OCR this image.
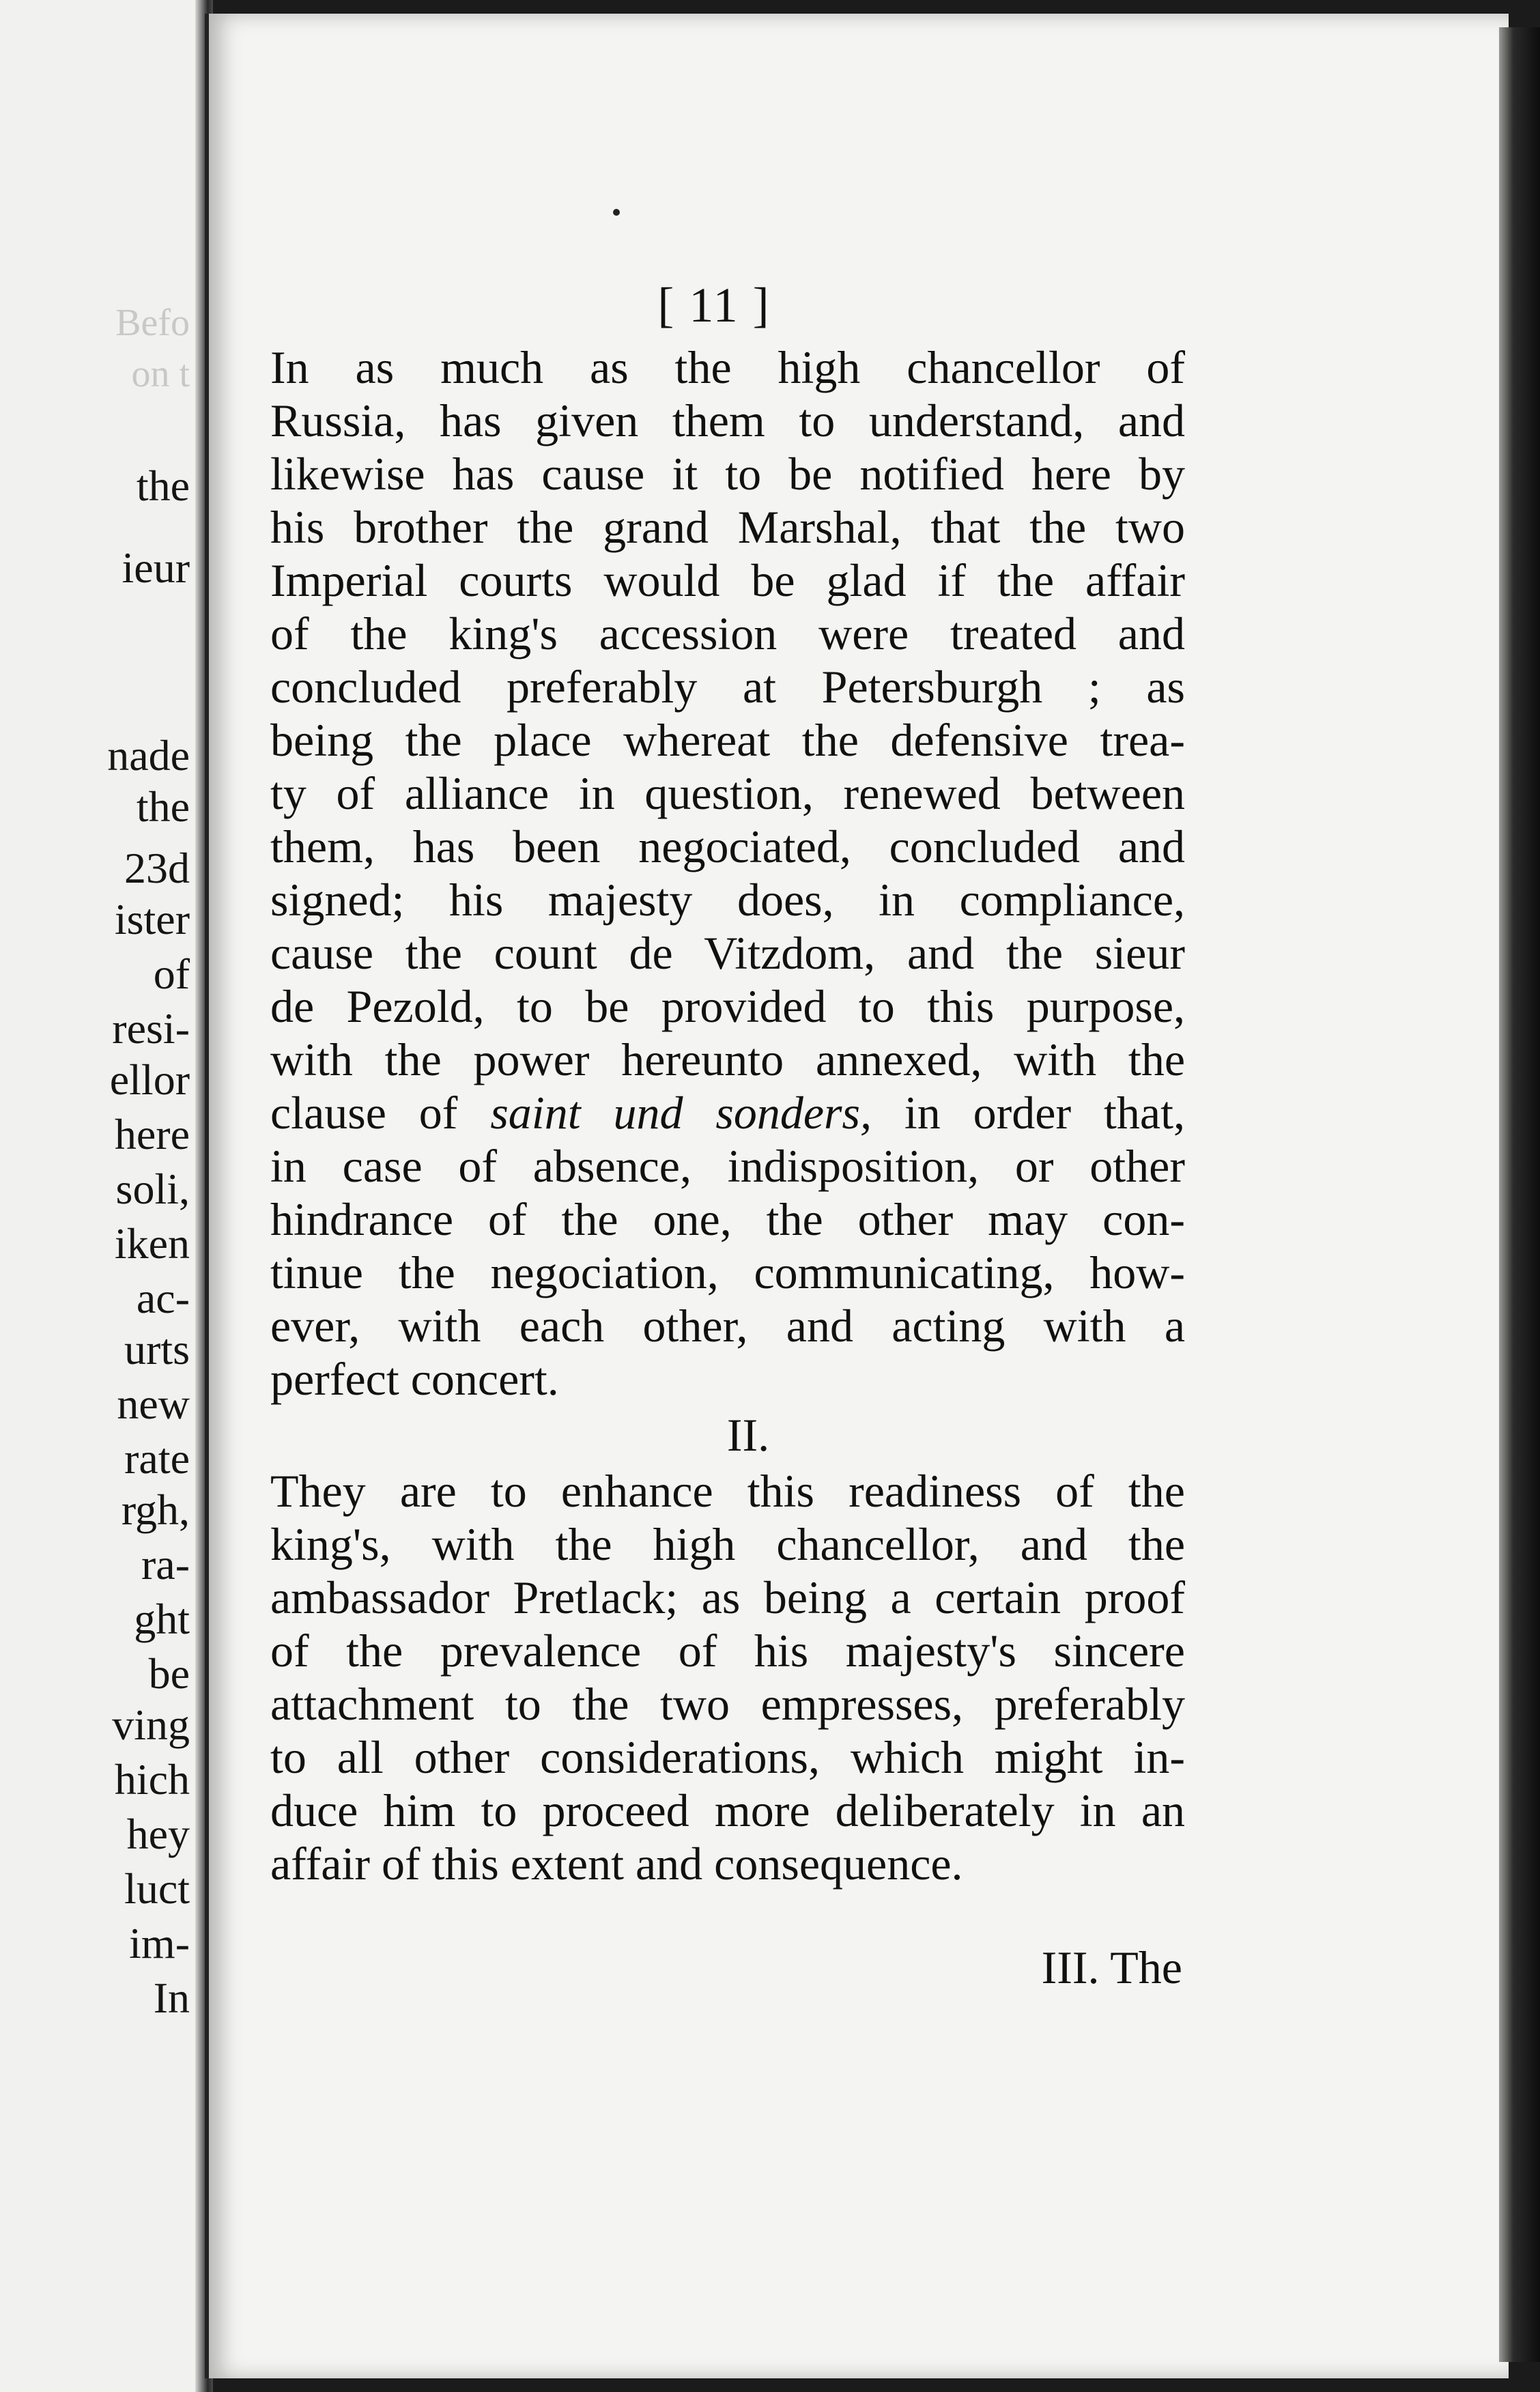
Befo
on t
the
ieur
nade
the
23d
ister
of
resi-
ellor
here
soli,
iken
ac-
urts
new
rate
rgh,
ra-
ght
be
ving
hich
hey
luct
im-
In
[ 11 ]
In as much as the high chancellor of
Russia, has given them to understand, and
likewise has cause it to be notified here by
his brother the grand Marshal, that the two
Imperial courts would be glad if the affair
of the king's accession were treated and
concluded preferably at Petersburgh ; as
being the place whereat the defensive trea-
ty of alliance in question, renewed between
them, has been negociated, concluded and
signed; his majesty does, in compliance,
cause the count de Vitzdom, and the sieur
de Pezold, to be provided to this purpose,
with the power hereunto annexed, with the
clause of saint und sonders, in order that,
in case of absence, indisposition, or other
hindrance of the one, the other may con-
tinue the negociation, communicating, how-
ever, with each other, and acting with a
perfect concert.
II.
They are to enhance this readiness of the
king's, with the high chancellor, and the
ambassador Pretlack; as being a certain proof
of the prevalence of his majesty's sincere
attachment to the two empresses, preferably
to all other considerations, which might in-
duce him to proceed more deliberately in an
affair of this extent and consequence.
III. The
